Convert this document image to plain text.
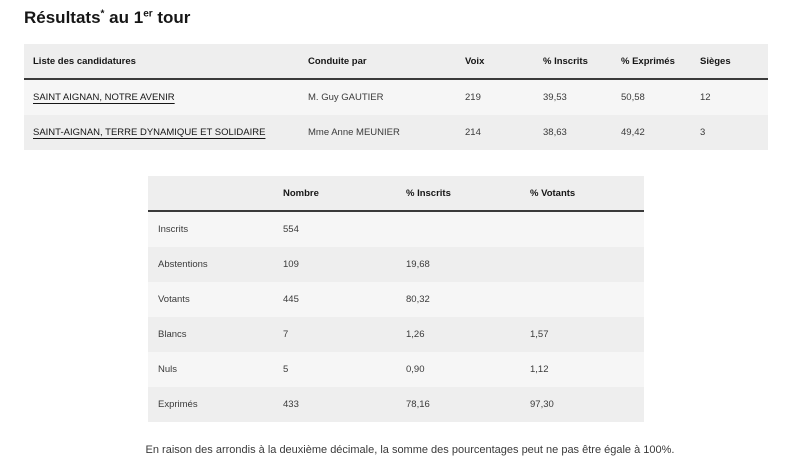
Résultats* au 1er tour
Liste des candidatures	Conduite par	Voix	% Inscrits	% Exprimés	Sièges
SAINT AIGNAN, NOTRE AVENIR	M. Guy GAUTIER	219	39,53	50,58	12
SAINT-AIGNAN, TERRE DYNAMIQUE ET SOLIDAIRE	Mme Anne MEUNIER	214	38,63	49,42	3
	Nombre	% Inscrits	% Votants
Inscrits	554		
Abstentions	109	19,68	
Votants	445	80,32	
Blancs	7	1,26	1,57
Nuls	5	0,90	1,12
Exprimés	433	78,16	97,30
En raison des arrondis à la deuxième décimale, la somme des pourcentages peut ne pas être égale à 100%.
